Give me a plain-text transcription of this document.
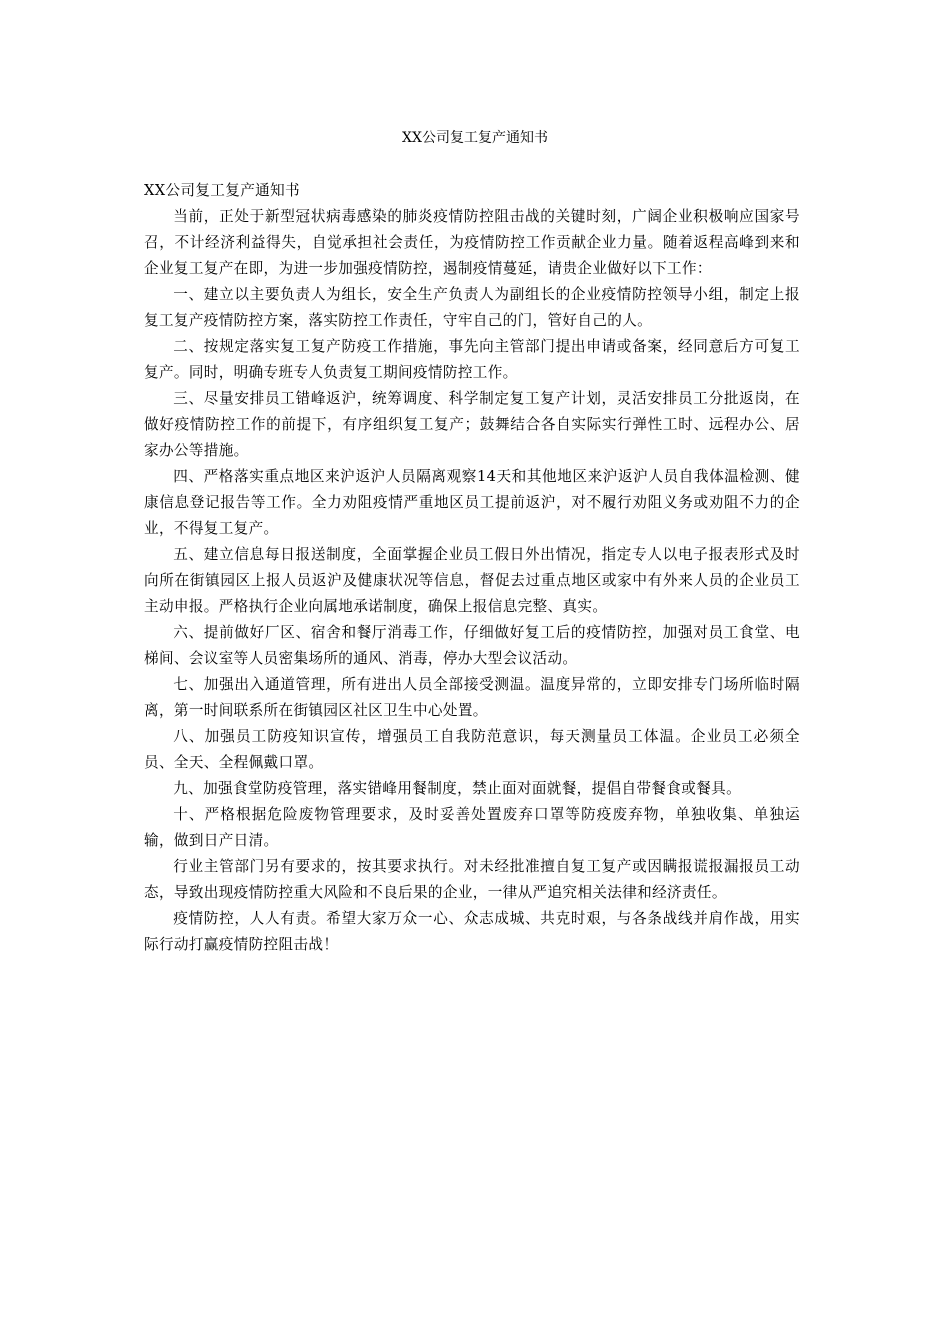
XX公司复工复产通知书

XX公司复工复产通知书

当前，正处于新型冠状病毒感染的肺炎疫情防控阻击战的关键时刻，广阔企业积极响应国家号召，不计经济利益得失，自觉承担社会责任，为疫情防控工作贡献企业力量。随着返程高峰到来和企业复工复产在即，为进一步加强疫情防控，遏制疫情蔓延，请贵企业做好以下工作：

一、建立以主要负责人为组长，安全生产负责人为副组长的企业疫情防控领导小组，制定上报复工复产疫情防控方案，落实防控工作责任，守牢自己的门，管好自己的人。

二、按规定落实复工复产防疫工作措施，事先向主管部门提出申请或备案，经同意后方可复工复产。同时，明确专班专人负责复工期间疫情防控工作。

三、尽量安排员工错峰返沪，统筹调度、科学制定复工复产计划，灵活安排员工分批返岗，在做好疫情防控工作的前提下，有序组织复工复产；鼓舞结合各自实际实行弹性工时、远程办公、居家办公等措施。

四、严格落实重点地区来沪返沪人员隔离观察14天和其他地区来沪返沪人员自我体温检测、健康信息登记报告等工作。全力劝阻疫情严重地区员工提前返沪，对不履行劝阻义务或劝阻不力的企业，不得复工复产。

五、建立信息每日报送制度，全面掌握企业员工假日外出情况，指定专人以电子报表形式及时向所在街镇园区上报人员返沪及健康状况等信息，督促去过重点地区或家中有外来人员的企业员工主动申报。严格执行企业向属地承诺制度，确保上报信息完整、真实。

六、提前做好厂区、宿舍和餐厅消毒工作，仔细做好复工后的疫情防控，加强对员工食堂、电梯间、会议室等人员密集场所的通风、消毒，停办大型会议活动。

七、加强出入通道管理，所有进出人员全部接受测温。温度异常的，立即安排专门场所临时隔离，第一时间联系所在街镇园区社区卫生中心处置。

八、加强员工防疫知识宣传，增强员工自我防范意识，每天测量员工体温。企业员工必须全员、全天、全程佩戴口罩。

九、加强食堂防疫管理，落实错峰用餐制度，禁止面对面就餐，提倡自带餐食或餐具。

十、严格根据危险废物管理要求，及时妥善处置废弃口罩等防疫废弃物，单独收集、单独运输，做到日产日清。

行业主管部门另有要求的，按其要求执行。对未经批准擅自复工复产或因瞒报谎报漏报员工动态，导致出现疫情防控重大风险和不良后果的企业，一律从严追究相关法律和经济责任。

疫情防控，人人有责。希望大家万众一心、众志成城、共克时艰，与各条战线并肩作战，用实际行动打赢疫情防控阻击战！
